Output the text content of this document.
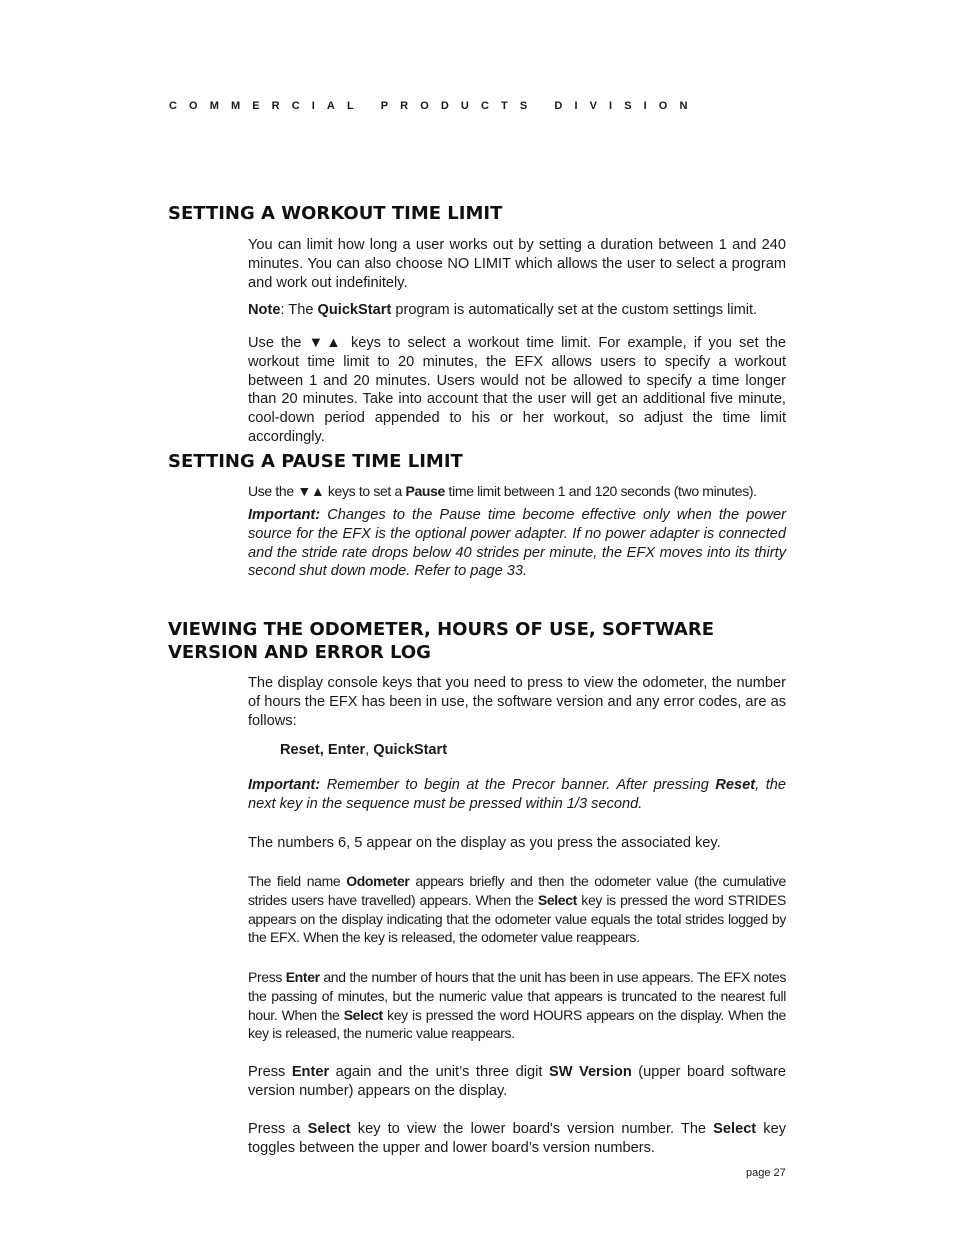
COMMERCIAL PRODUCTS DIVISION
SETTING A WORKOUT TIME LIMIT

You can limit how long a user works out by setting a duration between 1 and 240 minutes. You can also choose NO LIMIT which allows the user to select a program and work out indefinitely.

Note: The QuickStart program is automatically set at the custom settings limit.

Use the ▼▲ keys to select a workout time limit. For example, if you set the workout time limit to 20 minutes, the EFX allows users to specify a workout between 1 and 20 minutes. Users would not be allowed to specify a time longer than 20 minutes. Take into account that the user will get an additional five minute, cool-down period appended to his or her workout, so adjust the time limit accordingly.

SETTING A PAUSE TIME LIMIT

Use the ▼▲ keys to set a Pause time limit between 1 and 120 seconds (two minutes).

Important: Changes to the Pause time become effective only when the power source for the EFX is the optional power adapter. If no power adapter is connected and the stride rate drops below 40 strides per minute, the EFX moves into its thirty second shut down mode. Refer to page 33.

VIEWING THE ODOMETER, HOURS OF USE, SOFTWARE
VERSION AND ERROR LOG

The display console keys that you need to press to view the odometer, the number of hours the EFX has been in use, the software version and any error codes, are as follows:

Reset, Enter, QuickStart

Important: Remember to begin at the Precor banner. After pressing Reset, the next key in the sequence must be pressed within 1/3 second.

The numbers 6, 5 appear on the display as you press the associated key.

The field name Odometer appears briefly and then the odometer value (the cumulative strides users have travelled) appears. When the Select key is pressed the word STRIDES appears on the display indicating that the odometer value equals the total strides logged by the EFX. When the key is released, the odometer value reappears.

Press Enter and the number of hours that the unit has been in use appears. The EFX notes the passing of minutes, but the numeric value that appears is truncated to the nearest full hour. When the Select key is pressed the word HOURS appears on the display. When the key is released, the numeric value reappears.

Press Enter again and the unit’s three digit SW Version (upper board software version number) appears on the display.

Press a Select key to view the lower board's version number. The Select key toggles between the upper and lower board’s version numbers.

page 27
